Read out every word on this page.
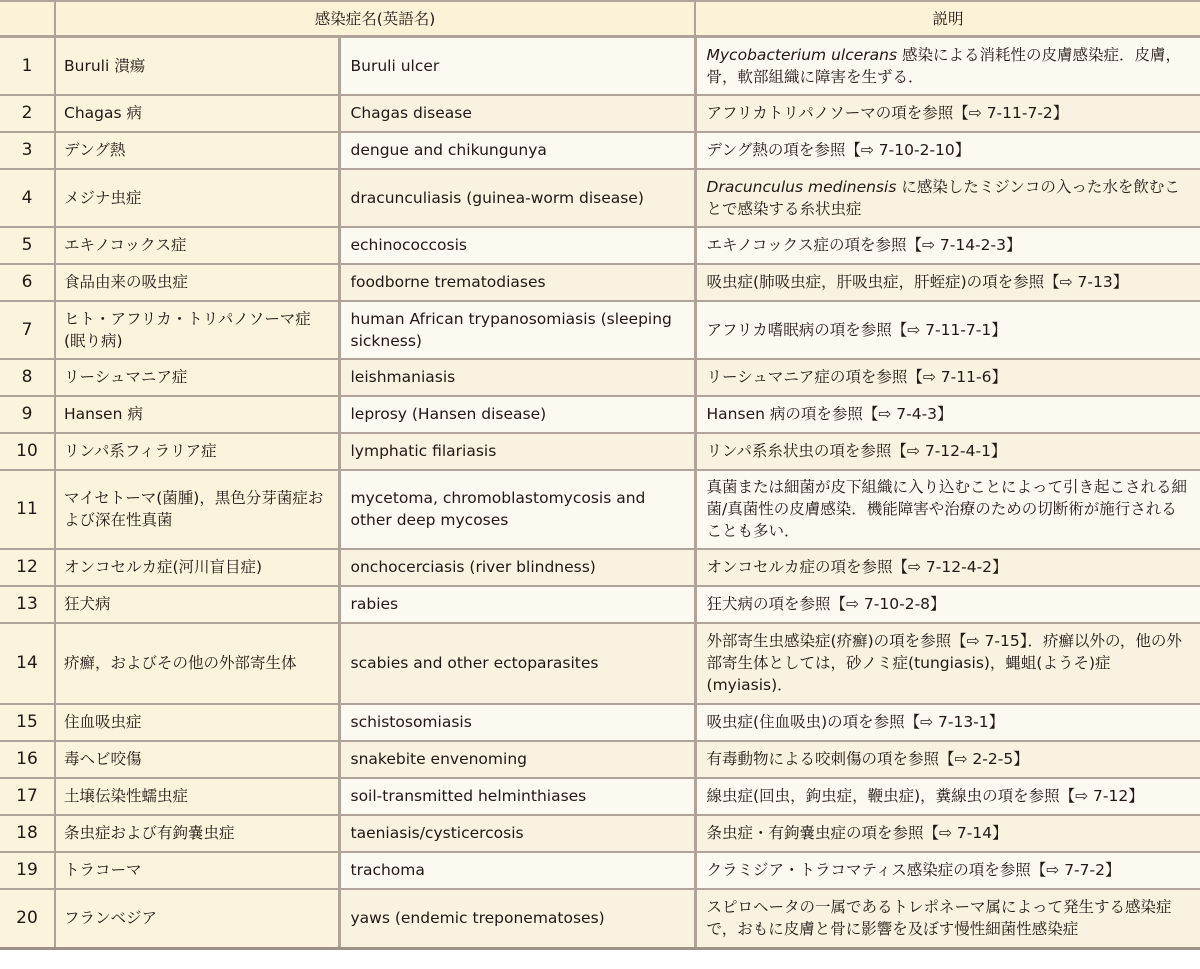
	感染症名(英語名)		説明
1	Buruli 潰瘍	Buruli ulcer	Mycobacterium ulcerans 感染による消耗性の皮膚感染症．皮膚，骨，軟部組織に障害を生ずる．
2	Chagas 病	Chagas disease	アフリカトリパノソーマの項を参照【⇨ 7-11-7-2】
3	デング熱	dengue and chikungunya	デング熱の項を参照【⇨ 7-10-2-10】
4	メジナ虫症	dracunculiasis (guinea-worm disease)	Dracunculus medinensis に感染したミジンコの入った水を飲むことで感染する糸状虫症
5	エキノコックス症	echinococcosis	エキノコックス症の項を参照【⇨ 7-14-2-3】
6	食品由来の吸虫症	foodborne trematodiases	吸虫症(肺吸虫症，肝吸虫症，肝蛭症)の項を参照【⇨ 7-13】
7	ヒト・アフリカ・トリパノソーマ症(眠り病)	human African trypanosomiasis (sleeping sickness)	アフリカ嗜眠病の項を参照【⇨ 7-11-7-1】
8	リーシュマニア症	leishmaniasis	リーシュマニア症の項を参照【⇨ 7-11-6】
9	Hansen 病	leprosy (Hansen disease)	Hansen 病の項を参照【⇨ 7-4-3】
10	リンパ系フィラリア症	lymphatic filariasis	リンパ系糸状虫の項を参照【⇨ 7-12-4-1】
11	マイセトーマ(菌腫)，黒色分芽菌症および深在性真菌	mycetoma, chromoblastomycosis and other deep mycoses	真菌または細菌が皮下組織に入り込むことによって引き起こされる細菌/真菌性の皮膚感染．機能障害や治療のための切断術が施行されることも多い．
12	オンコセルカ症(河川盲目症)	onchocerciasis (river blindness)	オンコセルカ症の項を参照【⇨ 7-12-4-2】
13	狂犬病	rabies	狂犬病の項を参照【⇨ 7-10-2-8】
14	疥癬，およびその他の外部寄生体	scabies and other ectoparasites	外部寄生虫感染症(疥癬)の項を参照【⇨ 7-15】．疥癬以外の，他の外部寄生体としては，砂ノミ症(tungiasis)，蝿蛆(ようそ)症(myiasis)．
15	住血吸虫症	schistosomiasis	吸虫症(住血吸虫)の項を参照【⇨ 7-13-1】
16	毒ヘビ咬傷	snakebite envenoming	有毒動物による咬刺傷の項を参照【⇨ 2-2-5】
17	土壌伝染性蠕虫症	soil-transmitted helminthiases	線虫症(回虫，鉤虫症，鞭虫症)，糞線虫の項を参照【⇨ 7-12】
18	条虫症および有鉤嚢虫症	taeniasis/cysticercosis	条虫症・有鉤嚢虫症の項を参照【⇨ 7-14】
19	トラコーマ	trachoma	クラミジア・トラコマティス感染症の項を参照【⇨ 7-7-2】
20	フランベジア	yaws (endemic treponematoses)	スピロヘータの一属であるトレポネーマ属によって発生する感染症で，おもに皮膚と骨に影響を及ぼす慢性細菌性感染症
